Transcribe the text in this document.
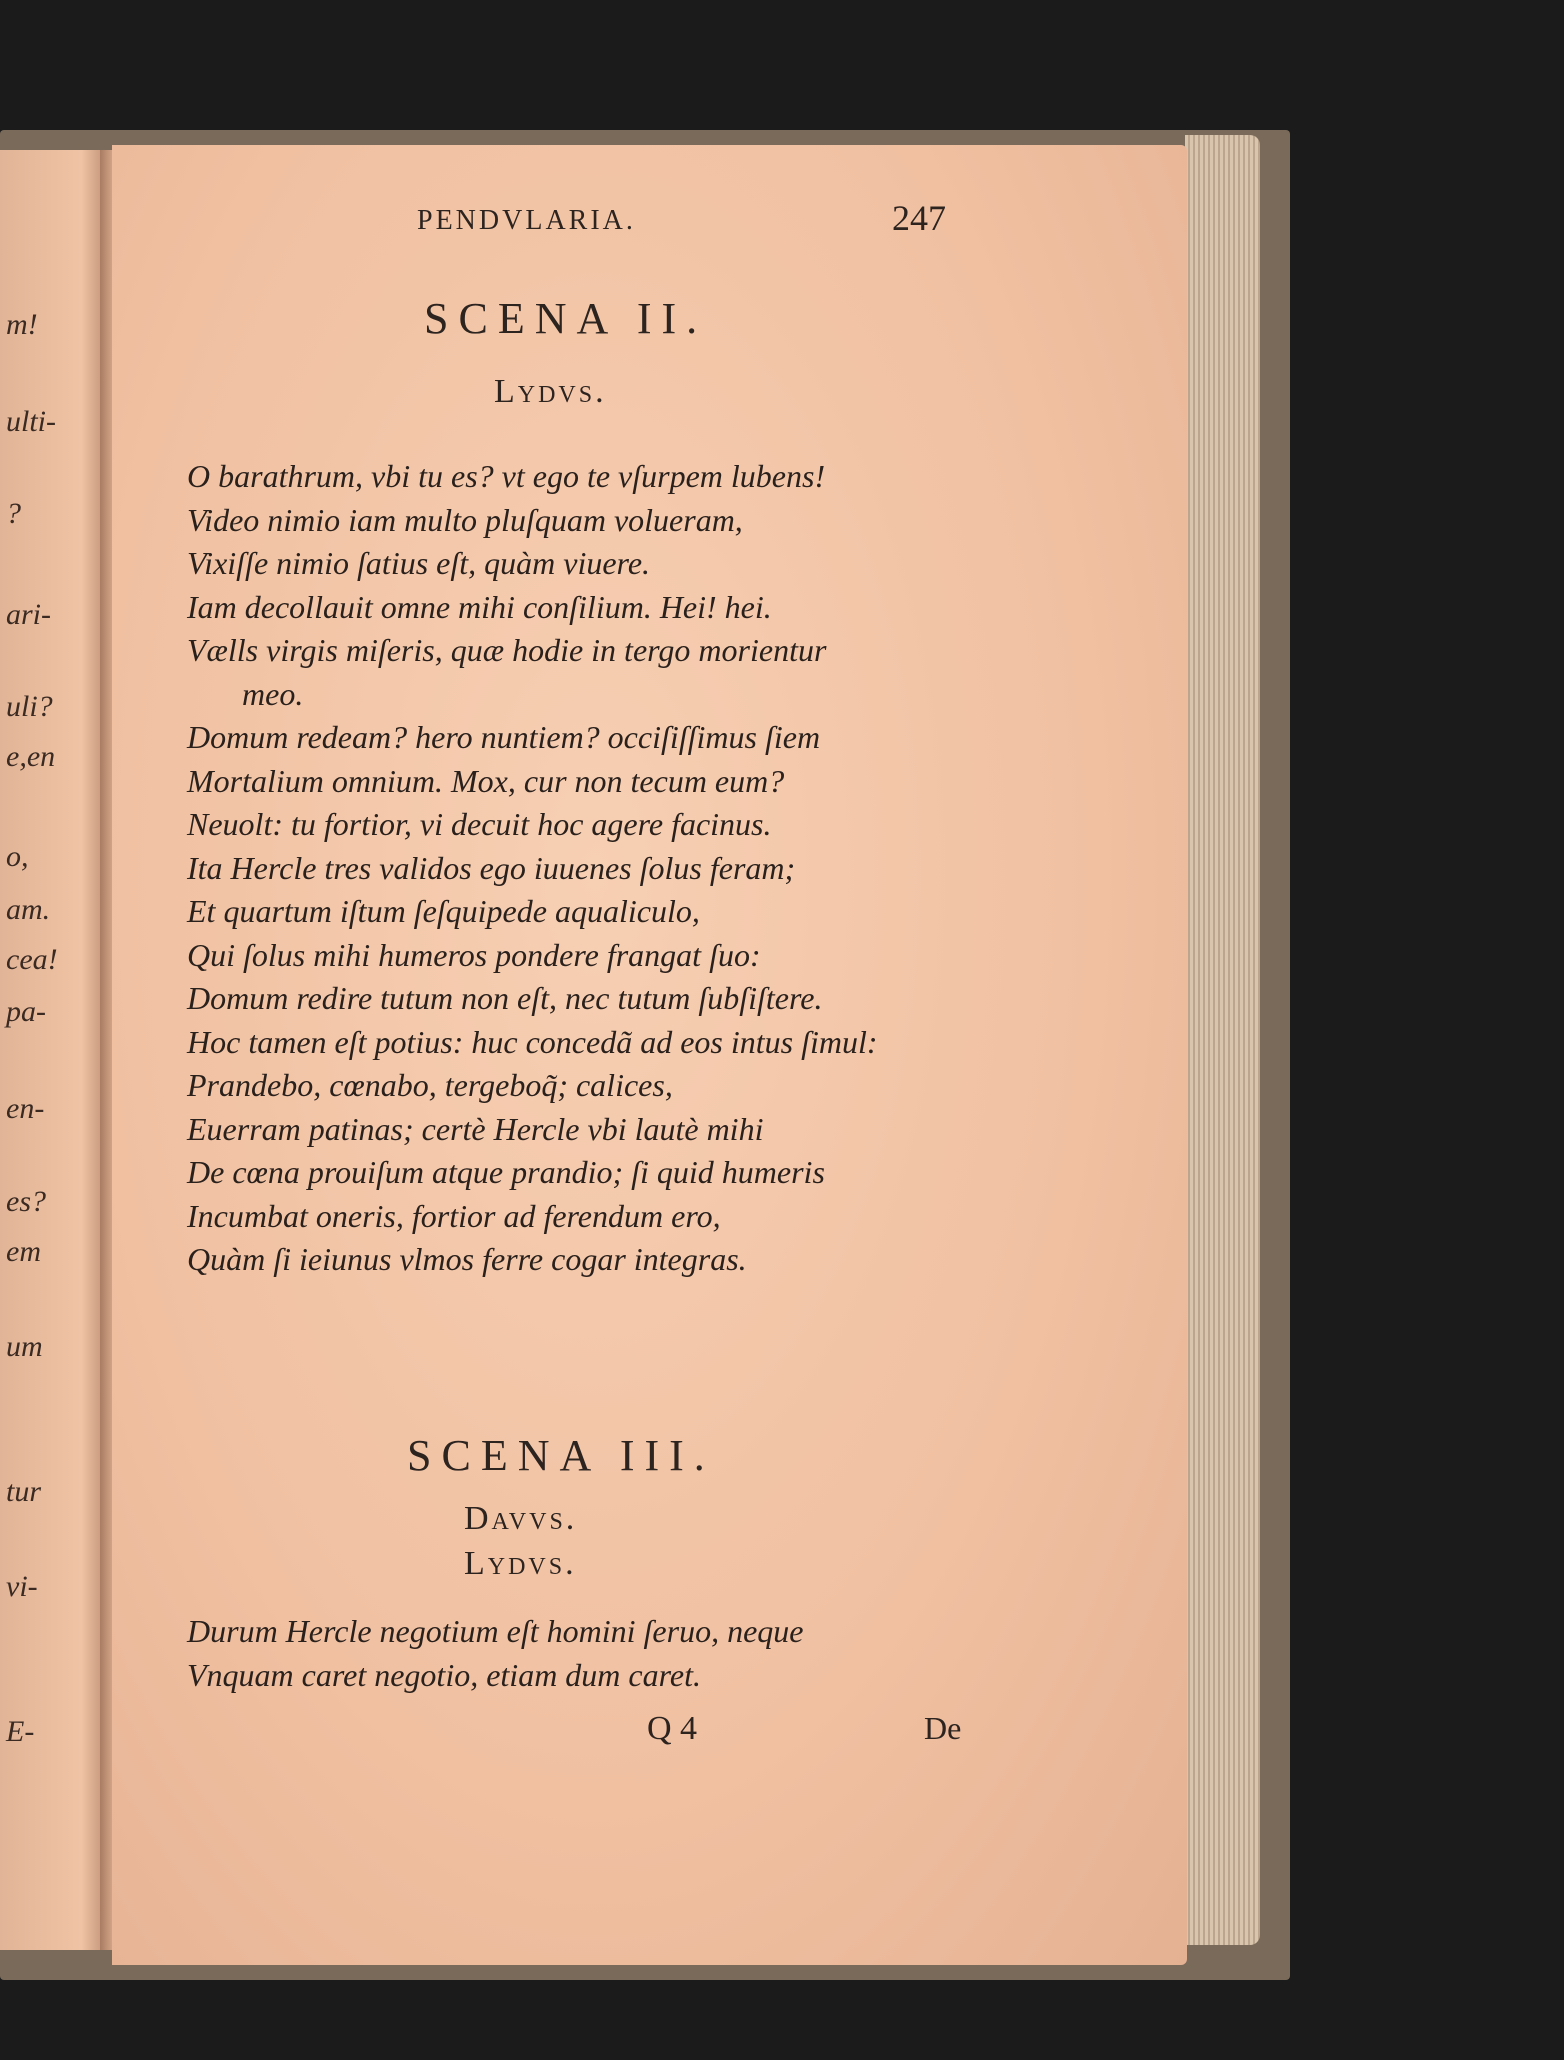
m!
ulti-
?
ari-
uli?
e,en
o,
am.
cea!
pa-
en-
es?
em
um
tur
vi-
E-
PENDVLARIA.	247
SCENA II.
Lydvs.
O barathrum, vbi tu es? vt ego te vſurpem lubens!
Video nimio iam multo pluſquam volueram,
Vixiſſe nimio ſatius eſt, quàm viuere.
Iam decollauit omne mihi conſilium. Hei! hei.
Vælls virgis miſeris, quæ hodie in tergo morientur
meo.
Domum redeam? hero nuntiem? occiſiſſimus ſiem
Mortalium omnium. Mox, cur non tecum eum?
Neuolt: tu fortior, vi decuit hoc agere facinus.
Ita Hercle tres validos ego iuuenes ſolus feram;
Et quartum iſtum ſeſquipede aqualiculo,
Qui ſolus mihi humeros pondere frangat ſuo:
Domum redire tutum non eſt, nec tutum ſubſiſtere.
Hoc tamen eſt potius: huc concedã ad eos intus ſimul:
Prandebo, cœnabo, tergeboq̃; calices,
Euerram patinas; certè Hercle vbi lautè mihi
De cœna prouiſum atque prandio; ſi quid humeris
Incumbat oneris, fortior ad ferendum ero,
Quàm ſi ieiunus vlmos ferre cogar integras.
SCENA III.
Davvs.
Lydvs.
Durum Hercle negotium eſt homini ſeruo, neque
Vnquam caret negotio, etiam dum caret.
Q 4	De
